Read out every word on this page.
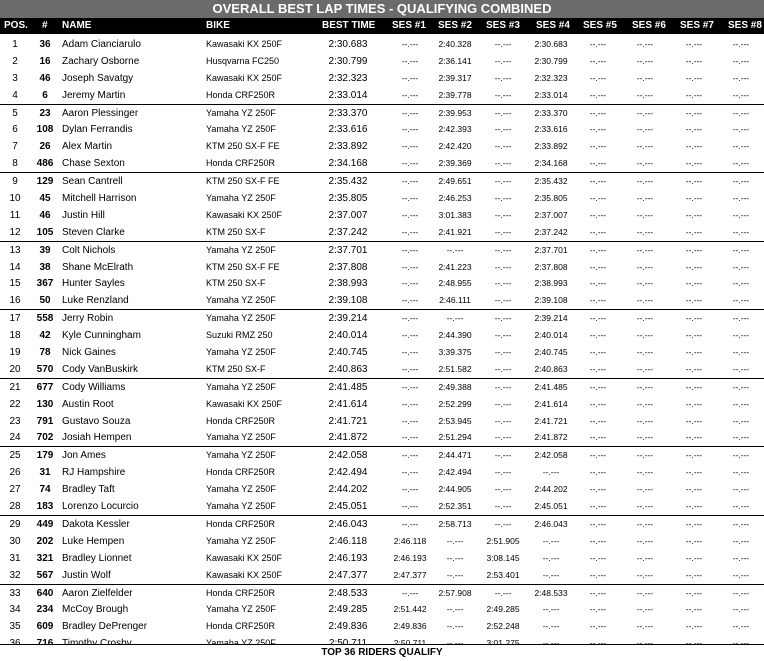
OVERALL BEST LAP TIMES - QUALIFYING COMBINED
POS. # NAME	BIKE	BEST TIME SES #1 SES #2 SES #3 SES #4 SES #5 SES #6 SES #7 SES #8
1	36	Adam Cianciarulo	Kawasaki KX 250F	2:30.683	--.---	2:40.328	--.---	2:30.683	--.---	--.---	--.---	--.---
2	16	Zachary Osborne	Husqvarna FC250	2:30.799	--.---	2:36.141	--.---	2:30.799	--.---	--.---	--.---	--.---
3	46	Joseph Savatgy	Kawasaki KX 250F	2:32.323	--.---	2:39.317	--.---	2:32.323	--.---	--.---	--.---	--.---
4	6	Jeremy Martin	Honda CRF250R	2:33.014	--.---	2:39.778	--.---	2:33.014	--.---	--.---	--.---	--.---
5	23	Aaron Plessinger	Yamaha YZ 250F	2:33.370	--.---	2:39.953	--.---	2:33.370	--.---	--.---	--.---	--.---
6	108 Dylan Ferrandis	Yamaha YZ 250F	2:33.616	--.---	2:42.393	--.---	2:33.616	--.---	--.---	--.---	--.---
7	26	Alex Martin	KTM 250 SX-F FE	2:33.892	--.---	2:42.420	--.---	2:33.892	--.---	--.---	--.---	--.---
8	486 Chase Sexton	Honda CRF250R	2:34.168	--.---	2:39.369	--.---	2:34.168	--.---	--.---	--.---	--.---
9	129 Sean Cantrell	KTM 250 SX-F FE	2:35.432	--.---	2:49.651	--.---	2:35.432	--.---	--.---	--.---	--.---
10	45	Mitchell Harrison	Yamaha YZ 250F	2:35.805	--.---	2:46.253	--.---	2:35.805	--.---	--.---	--.---	--.---
11	46	Justin Hill	Kawasaki KX 250F	2:37.007	--.---	3:01.383	--.---	2:37.007	--.---	--.---	--.---	--.---
12	105 Steven Clarke	KTM 250 SX-F	2:37.242	--.---	2:41.921	--.---	2:37.242	--.---	--.---	--.---	--.---
13	39	Colt Nichols	Yamaha YZ 250F	2:37.701	--.---	--.---	--.---	2:37.701	--.---	--.---	--.---	--.---
14	38	Shane McElrath	KTM 250 SX-F FE	2:37.808	--.---	2:41.223	--.---	2:37.808	--.---	--.---	--.---	--.---
15	367 Hunter Sayles	KTM 250 SX-F	2:38.993	--.---	2:48.955	--.---	2:38.993	--.---	--.---	--.---	--.---
16	50	Luke Renzland	Yamaha YZ 250F	2:39.108	--.---	2:46.111	--.---	2:39.108	--.---	--.---	--.---	--.---
17	558 Jerry Robin	Yamaha YZ 250F	2:39.214	--.---	--.---	--.---	2:39.214	--.---	--.---	--.---	--.---
18	42	Kyle Cunningham	Suzuki RMZ 250	2:40.014	--.---	2:44.390	--.---	2:40.014	--.---	--.---	--.---	--.---
19	78	Nick Gaines	Yamaha YZ 250F	2:40.745	--.---	3:39.375	--.---	2:40.745	--.---	--.---	--.---	--.---
20	570 Cody VanBuskirk	KTM 250 SX-F	2:40.863	--.---	2:51.582	--.---	2:40.863	--.---	--.---	--.---	--.---
21	677 Cody Williams	Yamaha YZ 250F	2:41.485	--.---	2:49.388	--.---	2:41.485	--.---	--.---	--.---	--.---
22	130 Austin Root	Kawasaki KX 250F	2:41.614	--.---	2:52.299	--.---	2:41.614	--.---	--.---	--.---	--.---
23	791 Gustavo Souza	Honda CRF250R	2:41.721	--.---	2:53.945	--.---	2:41.721	--.---	--.---	--.---	--.---
24	702 Josiah Hempen	Yamaha YZ 250F	2:41.872	--.---	2:51.294	--.---	2:41.872	--.---	--.---	--.---	--.---
25	179 Jon Ames	Yamaha YZ 250F	2:42.058	--.---	2:44.471	--.---	2:42.058	--.---	--.---	--.---	--.---
26	31	RJ Hampshire	Honda CRF250R	2:42.494	--.---	2:42.494	--.---	--.---	--.---	--.---	--.---	--.---
27	74	Bradley Taft	Yamaha YZ 250F	2:44.202	--.---	2:44.905	--.---	2:44.202	--.---	--.---	--.---	--.---
28	183 Lorenzo Locurcio	Yamaha YZ 250F	2:45.051	--.---	2:52.351	--.---	2:45.051	--.---	--.---	--.---	--.---
29	449 Dakota Kessler	Honda CRF250R	2:46.043	--.---	2:58.713	--.---	2:46.043	--.---	--.---	--.---	--.---
30	202 Luke Hempen	Yamaha YZ 250F	2:46.118	2:46.118	--.---	2:51.905	--.---	--.---	--.---	--.---	--.---
31	321 Bradley Lionnet	Kawasaki KX 250F	2:46.193	2:46.193	--.---	3:08.145	--.---	--.---	--.---	--.---	--.---
32	567 Justin Wolf	Kawasaki KX 250F	2:47.377	2:47.377	--.---	2:53.401	--.---	--.---	--.---	--.---	--.---
33	640 Aaron Zielfelder	Honda CRF250R	2:48.533	--.---	2:57.908	--.---	2:48.533	--.---	--.---	--.---	--.---
34	234 McCoy Brough	Yamaha YZ 250F	2:49.285	2:51.442	--.---	2:49.285	--.---	--.---	--.---	--.---	--.---
35	609 Bradley DePrenger	Honda CRF250R	2:49.836	2:49.836	--.---	2:52.248	--.---	--.---	--.---	--.---	--.---
TOP 36 RIDERS QUALIFY
